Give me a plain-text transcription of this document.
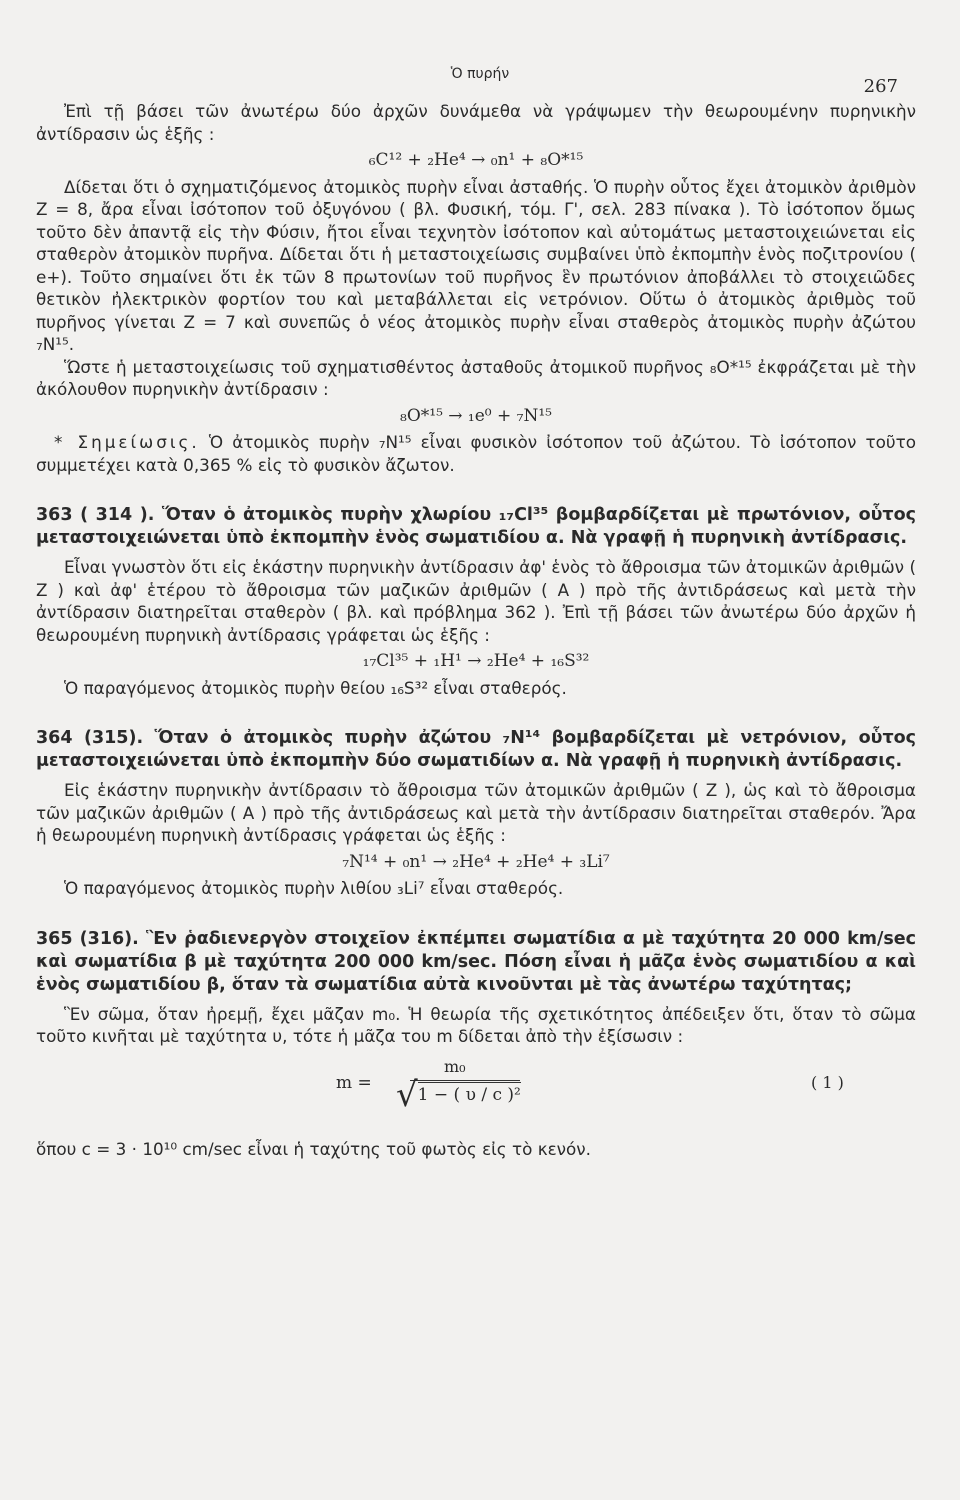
Ὁ πυρήν
267

Ἐπὶ τῇ βάσει τῶν ἀνωτέρω δύο ἀρχῶν δυνάμεθα νὰ γράψωμεν τὴν θεωρουμένην πυρηνικὴν ἀντίδρασιν ὡς ἑξῆς :

₆C¹² + ₂He⁴ → ₀n¹ + ₈O*¹⁵

Δίδεται ὅτι ὁ σχηματιζόμενος ἀτομικὸς πυρὴν εἶναι ἀσταθής. Ὁ πυρὴν οὗτος ἔχει ἀτομικὸν ἀριθμὸν Z = 8, ἄρα εἶναι ἰσότοπον τοῦ ὀξυγόνου ( βλ. Φυσική, τόμ. Γ', σελ. 283 πίνακα ). Τὸ ἰσότοπον ὅμως τοῦτο δὲν ἀπαντᾷ εἰς τὴν Φύσιν, ἤτοι εἶναι τεχνητὸν ἰσότοπον καὶ αὐτομάτως μεταστοιχειώνεται εἰς σταθερὸν ἀτομικὸν πυρῆνα. Δίδεται ὅτι ἡ μεταστοιχείωσις συμβαίνει ὑπὸ ἐκπομπὴν ἑνὸς ποζιτρονίου ( e+). Τοῦτο σημαίνει ὅτι ἐκ τῶν 8 πρωτονίων τοῦ πυρῆνος ἓν πρωτόνιον ἀποβάλλει τὸ στοιχειῶδες θετικὸν ἠλεκτρικὸν φορτίον του καὶ μεταβάλλεται εἰς νετρόνιον. Οὕτω ὁ ἀτομικὸς ἀριθμὸς τοῦ πυρῆνος γίνεται Z = 7 καὶ συνεπῶς ὁ νέος ἀτομικὸς πυρὴν εἶναι σταθερὸς ἀτομικὸς πυρὴν ἀζώτου ₇N¹⁵.

Ὥστε ἡ μεταστοιχείωσις τοῦ σχηματισθέντος ἀσταθοῦς ἀτομικοῦ πυρῆνος ₈O*¹⁵ ἐκφράζεται μὲ τὴν ἀκόλουθον πυρηνικὴν ἀντίδρασιν :

₈O*¹⁵ → ₁e⁰ + ₇N¹⁵

* Σημείωσις. Ὁ ἀτομικὸς πυρὴν ₇N¹⁵ εἶναι φυσικὸν ἰσότοπον τοῦ ἀζώτου. Τὸ ἰσότοπον τοῦτο συμμετέχει κατὰ 0,365 % εἰς τὸ φυσικὸν ἄζωτον.

363 ( 314 ). Ὅταν ὁ ἀτομικὸς πυρὴν χλωρίου ₁₇Cl³⁵ βομβαρδίζεται μὲ πρωτόνιον, οὗτος μεταστοιχειώνεται ὑπὸ ἐκπομπὴν ἑνὸς σωματιδίου α. Νὰ γραφῇ ἡ πυρηνικὴ ἀντίδρασις.

Εἶναι γνωστὸν ὅτι εἰς ἑκάστην πυρηνικὴν ἀντίδρασιν ἀφ' ἑνὸς τὸ ἄθροισμα τῶν ἀτομικῶν ἀριθμῶν ( Z ) καὶ ἀφ' ἑτέρου τὸ ἄθροισμα τῶν μαζικῶν ἀριθμῶν ( A ) πρὸ τῆς ἀντιδράσεως καὶ μετὰ τὴν ἀντίδρασιν διατηρεῖται σταθερὸν ( βλ. καὶ πρόβλημα 362 ). Ἐπὶ τῇ βάσει τῶν ἀνωτέρω δύο ἀρχῶν ἡ θεωρουμένη πυρηνικὴ ἀντίδρασις γράφεται ὡς ἑξῆς :

₁₇Cl³⁵ + ₁H¹ → ₂He⁴ + ₁₆S³²

Ὁ παραγόμενος ἀτομικὸς πυρὴν θείου ₁₆S³² εἶναι σταθερός.

364 (315). Ὅταν ὁ ἀτομικὸς πυρὴν ἀζώτου ₇N¹⁴ βομβαρδίζεται μὲ νετρόνιον, οὗτος μεταστοιχειώνεται ὑπὸ ἐκπομπὴν δύο σωματιδίων α. Νὰ γραφῇ ἡ πυρηνικὴ ἀντίδρασις.

Εἰς ἑκάστην πυρηνικὴν ἀντίδρασιν τὸ ἄθροισμα τῶν ἀτομικῶν ἀριθμῶν ( Z ), ὡς καὶ τὸ ἄθροισμα τῶν μαζικῶν ἀριθμῶν ( A ) πρὸ τῆς ἀντιδράσεως καὶ μετὰ τὴν ἀντίδρασιν διατηρεῖται σταθερόν. Ἄρα ἡ θεωρουμένη πυρηνικὴ ἀντίδρασις γράφεται ὡς ἑξῆς :

₇N¹⁴ + ₀n¹ → ₂He⁴ + ₂He⁴ + ₃Li⁷

Ὁ παραγόμενος ἀτομικὸς πυρὴν λιθίου ₃Li⁷ εἶναι σταθερός.

365 (316). Ἓν ῥαδιενεργὸν στοιχεῖον ἐκπέμπει σωματίδια α μὲ ταχύτητα 20 000 km/sec καὶ σωματίδια β μὲ ταχύτητα 200 000 km/sec. Πόση εἶναι ἡ μᾶζα ἑνὸς σωματιδίου α καὶ ἑνὸς σωματιδίου β, ὅταν τὰ σωματίδια αὐτὰ κινοῦνται μὲ τὰς ἀνωτέρω ταχύτητας;

Ἓν σῶμα, ὅταν ἠρεμῇ, ἔχει μᾶζαν m₀. Ἡ θεωρία τῆς σχετικότητος ἀπέδειξεν ὅτι, ὅταν τὸ σῶμα τοῦτο κινῆται μὲ ταχύτητα υ, τότε ἡ μᾶζα του m δίδεται ἀπὸ τὴν ἐξίσωσιν :

m =
m₀
√1 − ( υ / c )²
( 1 )

ὅπου c = 3 · 10¹⁰ cm/sec εἶναι ἡ ταχύτης τοῦ φωτὸς εἰς τὸ κενόν.
